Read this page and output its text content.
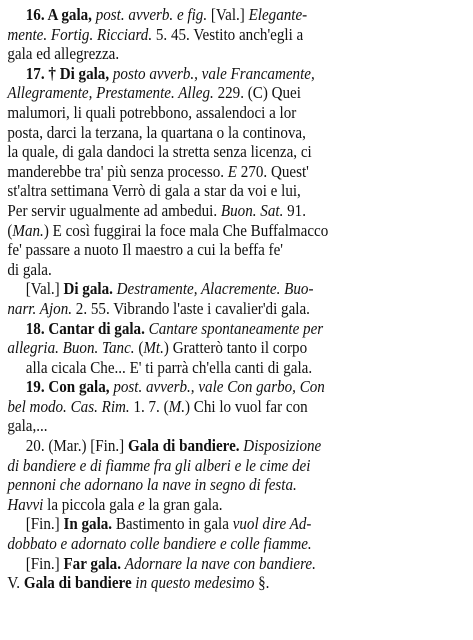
16. A gala, post. avverb. e fig. [Val.] Elegante-
mente. Fortig. Ricciard. 5. 45. Vestito anch'egli a
gala ed allegrezza.
17. † Di gala, posto avverb., vale Francamente,
Allegramente, Prestamente. Alleg. 229. (C) Quei
malumori, li quali potrebbono, assalendoci a lor
posta, darci la terzana, la quartana o la continova,
la quale, di gala dandoci la stretta senza licenza, ci
manderebbe tra' più senza processo. E 270. Quest'
st'altra settimana Verrò di gala a star da voi e lui,
Per servir ugualmente ad ambedui. Buon. Sat. 91.
(Man.) E così fuggirai la foce mala Che Buffalmacco
fe' passare a nuoto Il maestro a cui la beffa fe'
di gala.
[Val.] Di gala. Destramente, Alacremente. Buo-
narr. Ajon. 2. 55. Vibrando l'aste i cavalier'di gala.
18. Cantar di gala. Cantare spontaneamente per
allegria. Buon. Tanc. (Mt.) Gratterò tanto il corpo
alla cicala Che... E' ti parrà ch'ella canti di gala.
19. Con gala, post. avverb., vale Con garbo, Con
bel modo. Cas. Rim. 1. 7. (M.) Chi lo vuol far con
gala,...
20. (Mar.) [Fin.] Gala di bandiere. Disposizione
di bandiere e di fiamme fra gli alberi e le cime dei
pennoni che adornano la nave in segno di festa.
Havvi la piccola gala e la gran gala.
[Fin.] In gala. Bastimento in gala vuol dire Ad-
dobbato e adornato colle bandiere e colle fiamme.
[Fin.] Far gala. Adornare la nave con bandiere.
V. Gala di bandiere in questo medesimo §.
